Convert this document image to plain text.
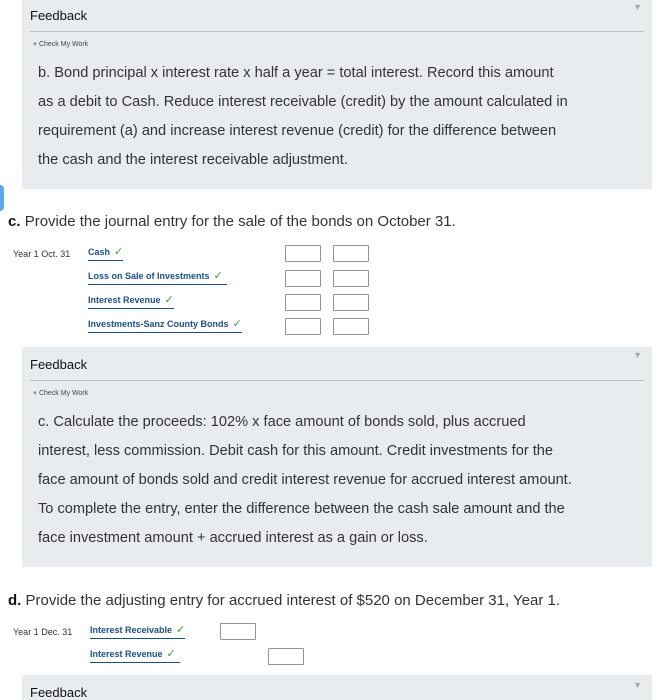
Feedback
▼
▼Check My Work
b. Bond principal x interest rate x half a year = total interest. Record this amount
as a debit to Cash. Reduce interest receivable (credit) by the amount calculated in
requirement (a) and increase interest revenue (credit) for the difference between
the cash and the interest receivable adjustment.
c. Provide the journal entry for the sale of the bonds on October 31.
Year 1 Oct. 31 Cash ✓
Loss on Sale of Investments ✓
Interest Revenue ✓
Investments-Sanz County Bonds ✓
Feedback
▼
▼Check My Work
c. Calculate the proceeds: 102% x face amount of bonds sold, plus accrued
interest, less commission. Debit cash for this amount. Credit investments for the
face amount of bonds sold and credit interest revenue for accrued interest amount.
To complete the entry, enter the difference between the cash sale amount and the
face investment amount + accrued interest as a gain or loss.
d. Provide the adjusting entry for accrued interest of $520 on December 31, Year 1.
Year 1 Dec. 31 Interest Receivable ✓
Interest Revenue ✓
Feedback	▼
